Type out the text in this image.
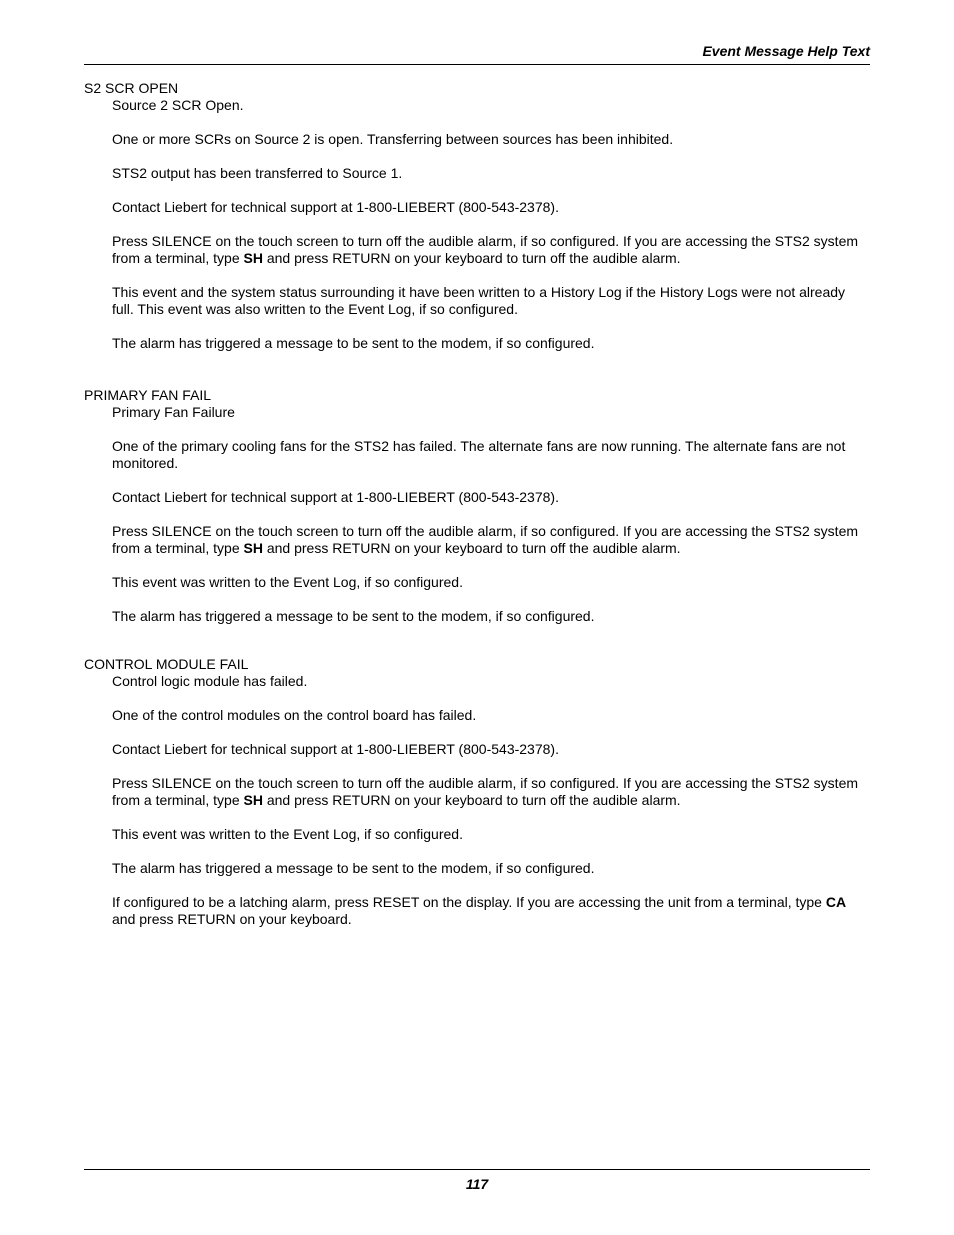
Event Message Help Text

S2 SCR OPEN

Source 2 SCR Open.

One or more SCRs on Source 2 is open. Transferring between sources has been inhibited.

STS2 output has been transferred to Source 1.

Contact Liebert for technical support at 1-800-LIEBERT (800-543-2378).

Press SILENCE on the touch screen to turn off the audible alarm, if so configured. If you are accessing the STS2 system from a terminal, type SH and press RETURN on your keyboard to turn off the audible alarm.

This event and the system status surrounding it have been written to a History Log if the History Logs were not already full. This event was also written to the Event Log, if so configured.

The alarm has triggered a message to be sent to the modem, if so configured.

PRIMARY FAN FAIL

Primary Fan Failure

One of the primary cooling fans for the STS2 has failed. The alternate fans are now running. The alternate fans are not monitored.

Contact Liebert for technical support at 1-800-LIEBERT (800-543-2378).

Press SILENCE on the touch screen to turn off the audible alarm, if so configured. If you are accessing the STS2 system from a terminal, type SH and press RETURN on your keyboard to turn off the audible alarm.

This event was written to the Event Log, if so configured.

The alarm has triggered a message to be sent to the modem, if so configured.

CONTROL MODULE FAIL

Control logic module has failed.

One of the control modules on the control board has failed.

Contact Liebert for technical support at 1-800-LIEBERT (800-543-2378).

Press SILENCE on the touch screen to turn off the audible alarm, if so configured. If you are accessing the STS2 system from a terminal, type SH and press RETURN on your keyboard to turn off the audible alarm.

This event was written to the Event Log, if so configured.

The alarm has triggered a message to be sent to the modem, if so configured.

If configured to be a latching alarm, press RESET on the display. If you are accessing the unit from a terminal, type CA and press RETURN on your keyboard.

117
